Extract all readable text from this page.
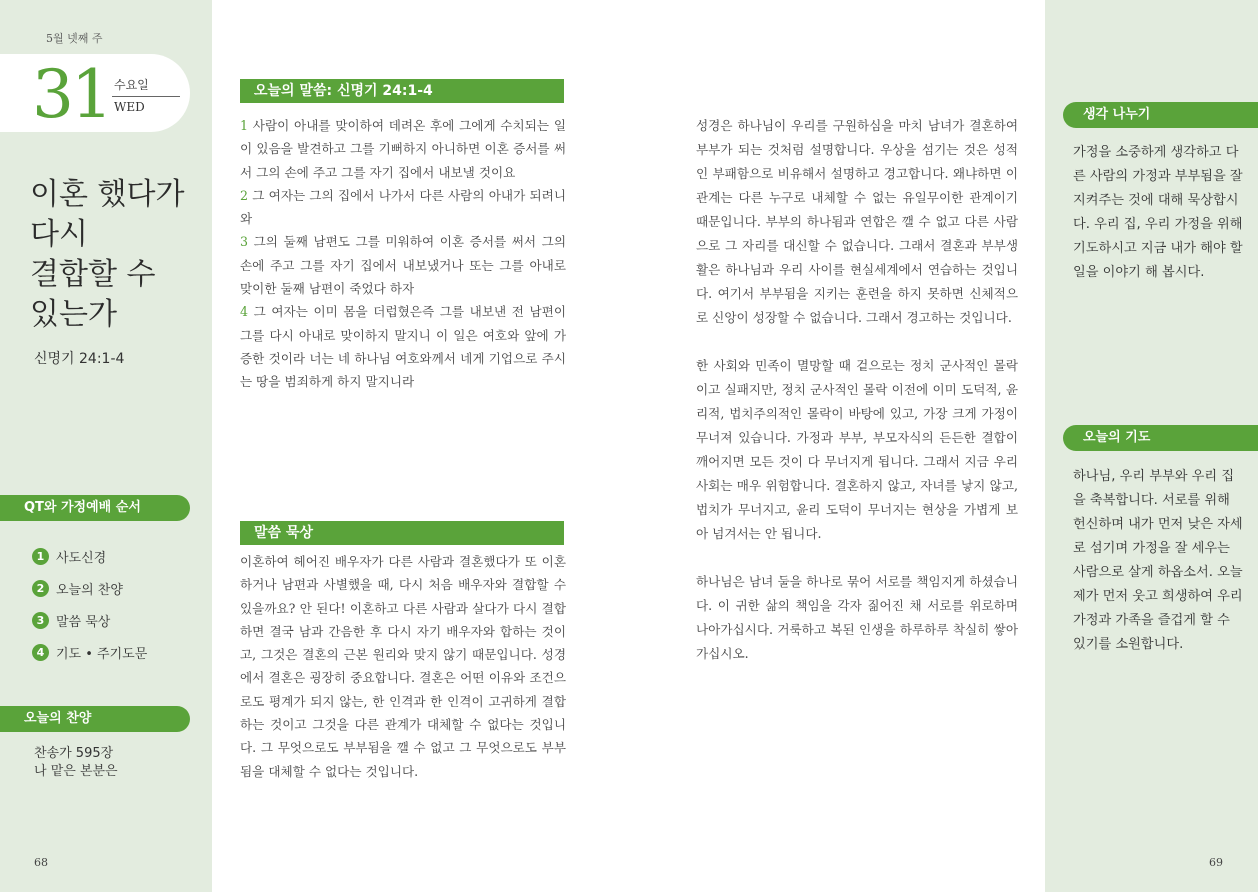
5월 넷째 주
31 수요일
WED
이혼 했다가
다시
결합할 수
있는가
신명기 24:1-4
QT와 가정예배 순서
1 사도신경
2 오늘의 찬양
3 말씀 묵상
4 기도 • 주기도문
오늘의 찬양
찬송가 595장
나 맡은 본분은
68
오늘의 말씀: 신명기 24:1-4
1 사람이 아내를 맞이하여 데려온 후에 그에게 수치되는 일이 있음을 발견하고 그를 기뻐하지 아니하면 이혼 증서를 써서 그의 손에 주고 그를 자기 집에서 내보낼 것이요
2 그 여자는 그의 집에서 나가서 다른 사람의 아내가 되려니와
3 그의 둘째 남편도 그를 미워하여 이혼 증서를 써서 그의 손에 주고 그를 자기 집에서 내보냈거나 또는 그를 아내로 맞이한 둘째 남편이 죽었다 하자
4 그 여자는 이미 몸을 더럽혔은즉 그를 내보낸 전 남편이 그를 다시 아내로 맞이하지 말지니 이 일은 여호와 앞에 가증한 것이라 너는 네 하나님 여호와께서 네게 기업으로 주시는 땅을 범죄하게 하지 말지니라
말씀 묵상
이혼하여 헤어진 배우자가 다른 사람과 결혼했다가 또 이혼하거나 남편과 사별했을 때, 다시 처음 배우자와 결합할 수 있을까요? 안 된다! 이혼하고 다른 사람과 살다가 다시 결합하면 결국 남과 간음한 후 다시 자기 배우자와 합하는 것이고, 그것은 결혼의 근본 원리와 맞지 않기 때문입니다. 성경에서 결혼은 굉장히 중요합니다. 결혼은 어떤 이유와 조건으로도 평계가 되지 않는, 한 인격과 한 인격이 고귀하게 결합하는 것이고 그것을 다른 관계가 대체할 수 없다는 것입니다. 그 무엇으로도 부부됨을 깰 수 없고 그 무엇으로도 부부됨을 대체할 수 없다는 것입니다.

성경은 하나님이 우리를 구원하심을 마치 남녀가 결혼하여 부부가 되는 것처럼 설명합니다. 우상을 섬기는 것은 성적인 부패함으로 비유해서 설명하고 경고합니다. 왜냐하면 이 관계는 다른 누구로 내체할 수 없는 유일무이한 관계이기 때문입니다. 부부의 하나됨과 연합은 깰 수 없고 다른 사람으로 그 자리를 대신할 수 없습니다. 그래서 결혼과 부부생활은 하나님과 우리 사이를 현실세계에서 연습하는 것입니다. 여기서 부부됨을 지키는 훈련을 하지 못하면 신체적으로 신앙이 성장할 수 없습니다. 그래서 경고하는 것입니다.

한 사회와 민족이 멸망할 때 겉으로는 정치 군사적인 몰락이고 실패지만, 정치 군사적인 몰락 이전에 이미 도덕적, 윤리적, 법치주의적인 몰락이 바탕에 있고, 가장 크게 가정이 무너져 있습니다. 가정과 부부, 부모자식의 든든한 결합이 깨어지면 모든 것이 다 무너지게 됩니다. 그래서 지금 우리 사회는 매우 위험합니다. 결혼하지 않고, 자녀를 낳지 않고, 법치가 무너지고, 윤리 도덕이 무너지는 현상을 가볍게 보아 넘겨서는 안 됩니다.

하나님은 남녀 둘을 하나로 묶어 서로를 책임지게 하셨습니다. 이 귀한 삶의 책임을 각자 짊어진 채 서로를 위로하며 나아가십시다. 거룩하고 복된 인생을 하루하루 착실히 쌓아 가십시오.

생각 나누기
가정을 소중하게 생각하고 다른 사람의 가정과 부부됨을 잘 지켜주는 것에 대해 묵상합시다. 우리 집, 우리 가정을 위해 기도하시고 지금 내가 해야 할 일을 이야기 해 봅시다.
오늘의 기도
하나님, 우리 부부와 우리 집을 축복합니다. 서로를 위해 헌신하며 내가 먼저 낮은 자세로 섬기며 가정을 잘 세우는 사람으로 살게 하옵소서. 오늘 제가 먼저 웃고 희생하여 우리 가정과 가족을 즐겁게 할 수 있기를 소원합니다.
69
